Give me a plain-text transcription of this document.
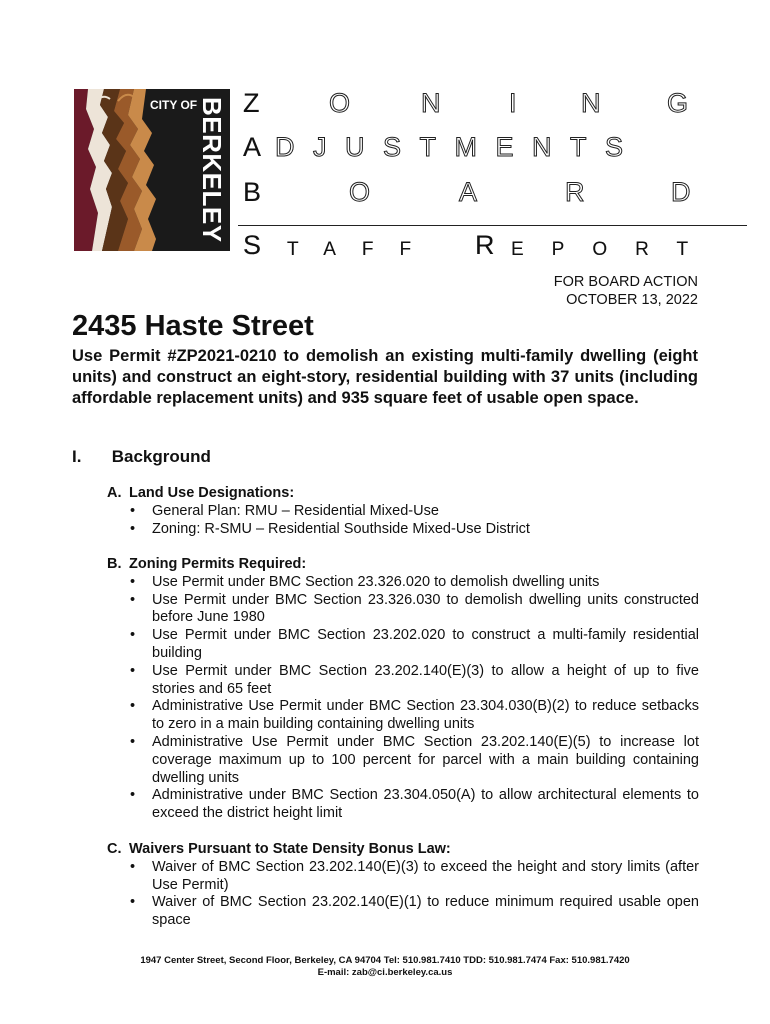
CITY OF BERKELEY Z	O	N	I N G
A DJUSTMENTS
B	O	A	R	D
S TAFF R EPORT
FOR BOARD ACTION
OCTOBER 13, 2022
2435 Haste Street

Use Permit #ZP2021-0210 to demolish an existing multi-family dwelling (eight units) and construct an eight-story, residential building with 37 units (including affordable replacement units) and 935 square feet of usable open space.

I. Background
A. Land Use Designations:
• General Plan: RMU – Residential Mixed-Use
• Zoning: R-SMU – Residential Southside Mixed-Use District
B. Zoning Permits Required:
• Use Permit under BMC Section 23.326.020 to demolish dwelling units
• Use Permit under BMC Section 23.326.030 to demolish dwelling units constructed before June 1980
• Use Permit under BMC Section 23.202.020 to construct a multi-family residential building
• Use Permit under BMC Section 23.202.140(E)(3) to allow a height of up to five stories and 65 feet
• Administrative Use Permit under BMC Section 23.304.030(B)(2) to reduce setbacks to zero in a main building containing dwelling units
• Administrative Use Permit under BMC Section 23.202.140(E)(5) to increase lot coverage maximum up to 100 percent for parcel with a main building containing dwelling units
• Administrative under BMC Section 23.304.050(A) to allow architectural elements to exceed the district height limit
C. Waivers Pursuant to State Density Bonus Law:
• Waiver of BMC Section 23.202.140(E)(3) to exceed the height and story limits (after Use Permit)
• Waiver of BMC Section 23.202.140(E)(1) to reduce minimum required usable open space
1947 Center Street, Second Floor, Berkeley, CA 94704 Tel: 510.981.7410 TDD: 510.981.7474 Fax: 510.981.7420
E-mail: zab@ci.berkeley.ca.us
